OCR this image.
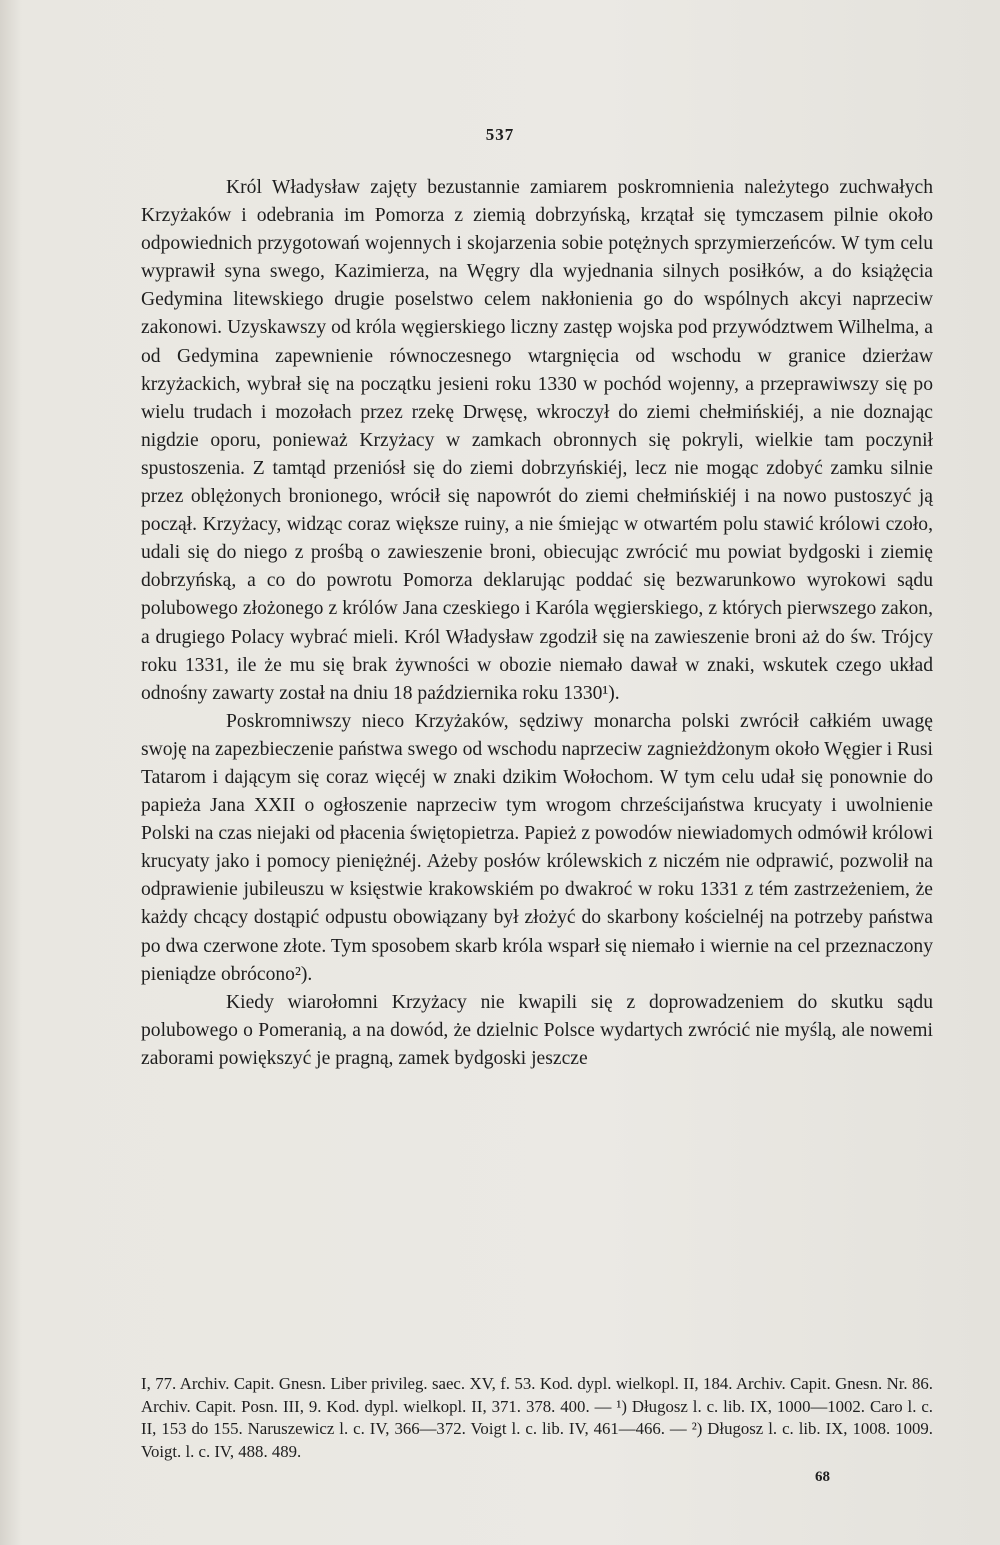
537

Król Władysław zajęty bezustannie zamiarem poskromnienia należytego zuchwałych Krzyżaków i odebrania im Pomorza z ziemią dobrzyńską, krzątał się tymczasem pilnie około odpowiednich przygotowań wojennych i skojarzenia sobie potężnych sprzymierzeńców. W tym celu wyprawił syna swego, Kazimierza, na Węgry dla wyjednania silnych posiłków, a do książęcia Gedymina litewskiego drugie poselstwo celem nakłonienia go do wspólnych akcyi naprzeciw zakonowi. Uzyskawszy od króla węgierskiego liczny zastęp wojska pod przywództwem Wilhelma, a od Gedymina zapewnienie równoczesnego wtargnięcia od wschodu w granice dzierżaw krzyżackich, wybrał się na początku jesieni roku 1330 w pochód wojenny, a przeprawiwszy się po wielu trudach i mozołach przez rzekę Drwęsę, wkroczył do ziemi chełmińskiéj, a nie doznając nigdzie oporu, ponieważ Krzyżacy w zamkach obronnych się pokryli, wielkie tam poczynił spustoszenia. Z tamtąd przeniósł się do ziemi dobrzyńskiéj, lecz nie mogąc zdobyć zamku silnie przez oblężonych bronionego, wrócił się napowrót do ziemi chełmińskiéj i na nowo pustoszyć ją począł. Krzyżacy, widząc coraz większe ruiny, a nie śmiejąc w otwartém polu stawić królowi czoło, udali się do niego z prośbą o zawieszenie broni, obiecując zwrócić mu powiat bydgoski i ziemię dobrzyńską, a co do powrotu Pomorza deklarując poddać się bezwarunkowo wyrokowi sądu polubowego złożonego z królów Jana czeskiego i Karóla węgierskiego, z których pierwszego zakon, a drugiego Polacy wybrać mieli. Król Władysław zgodził się na zawieszenie broni aż do św. Trójcy roku 1331, ile że mu się brak żywności w obozie niemało dawał w znaki, wskutek czego układ odnośny zawarty został na dniu 18 października roku 1330¹).

Poskromniwszy nieco Krzyżaków, sędziwy monarcha polski zwrócił całkiém uwagę swoję na zapezbieczenie państwa swego od wschodu naprzeciw zagnieżdżonym około Węgier i Rusi Tatarom i dającym się coraz więcéj w znaki dzikim Wołochom. W tym celu udał się ponownie do papieża Jana XXII o ogłoszenie naprzeciw tym wrogom chrześcijaństwa krucyaty i uwolnienie Polski na czas niejaki od płacenia świętopietrza. Papież z powodów niewiadomych odmówił królowi krucyaty jako i pomocy pieniężnéj. Ażeby posłów królewskich z niczém nie odprawić, pozwolił na odprawienie jubileuszu w księstwie krakowskiém po dwakroć w roku 1331 z tém zastrzeżeniem, że każdy chcący dostąpić odpustu obowiązany był złożyć do skarbony kościelnéj na potrzeby państwa po dwa czerwone złote. Tym sposobem skarb króla wsparł się niemało i wiernie na cel przeznaczony pieniądze obrócono²).

Kiedy wiarołomni Krzyżacy nie kwapili się z doprowadzeniem do skutku sądu polubowego o Pomeranią, a na dowód, że dzielnic Polsce wydartych zwrócić nie myślą, ale nowemi zaborami powiększyć je pragną, zamek bydgoski jeszcze

I, 77. Archiv. Capit. Gnesn. Liber privileg. saec. XV, f. 53. Kod. dypl. wielkopl. II, 184. Archiv. Capit. Gnesn. Nr. 86. Archiv. Capit. Posn. III, 9. Kod. dypl. wielkopl. II, 371. 378. 400. — ¹) Długosz l. c. lib. IX, 1000—1002. Caro l. c. II, 153 do 155. Naruszewicz l. c. IV, 366—372. Voigt l. c. lib. IV, 461—466. — ²) Długosz l. c. lib. IX, 1008. 1009. Voigt. l. c. IV, 488. 489.

68
